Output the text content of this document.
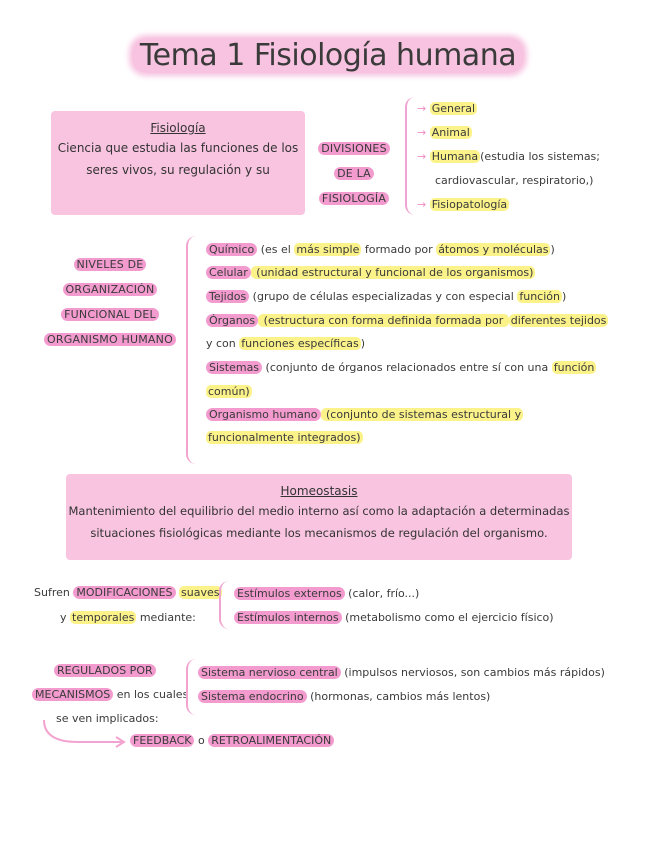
Tema 1 Fisiología humana
Fisiología
Ciencia que estudia las funciones de los
seres vivos, su regulación y su
DIVISIONES
DE LA
FISIOLOGÍA
→ General
→ Animal
→ Humana (estudia los sistemas;
cardiovascular, respiratorio,)
→ Fisiopatología
NIVELES DE
ORGANIZACIÓN
FUNCIONAL DEL
ORGANISMO HUMANO
Químico (es el más simple formado por átomos y moléculas )
Celular (unidad estructural y funcional de los organismos)
Tejidos (grupo de células especializadas y con especial función )
Órganos (estructura con forma definida formada por diferentes tejidos
y con funciones específicas )
Sistemas (conjunto de órganos relacionados entre sí con una función
común)
Organismo humano (conjunto de sistemas estructural y
funcionalmente integrados)
Homeostasis
Mantenimiento del equilibrio del medio interno así como la adaptación a determinadas
situaciones fisiológicas mediante los mecanismos de regulación del organismo.
Sufren MODIFICACIONES suaves
y temporales mediante:
Estímulos externos (calor, frío...)
Estímulos internos (metabolismo como el ejercicio físico)
REGULADOS POR
MECANISMOS en los cuales
se ven implicados:
Sistema nervioso central (impulsos nerviosos, son cambios más rápidos)
Sistema endocrino (hormonas, cambios más lentos)
FEEDBACK o RETROALIMENTACIÓN
